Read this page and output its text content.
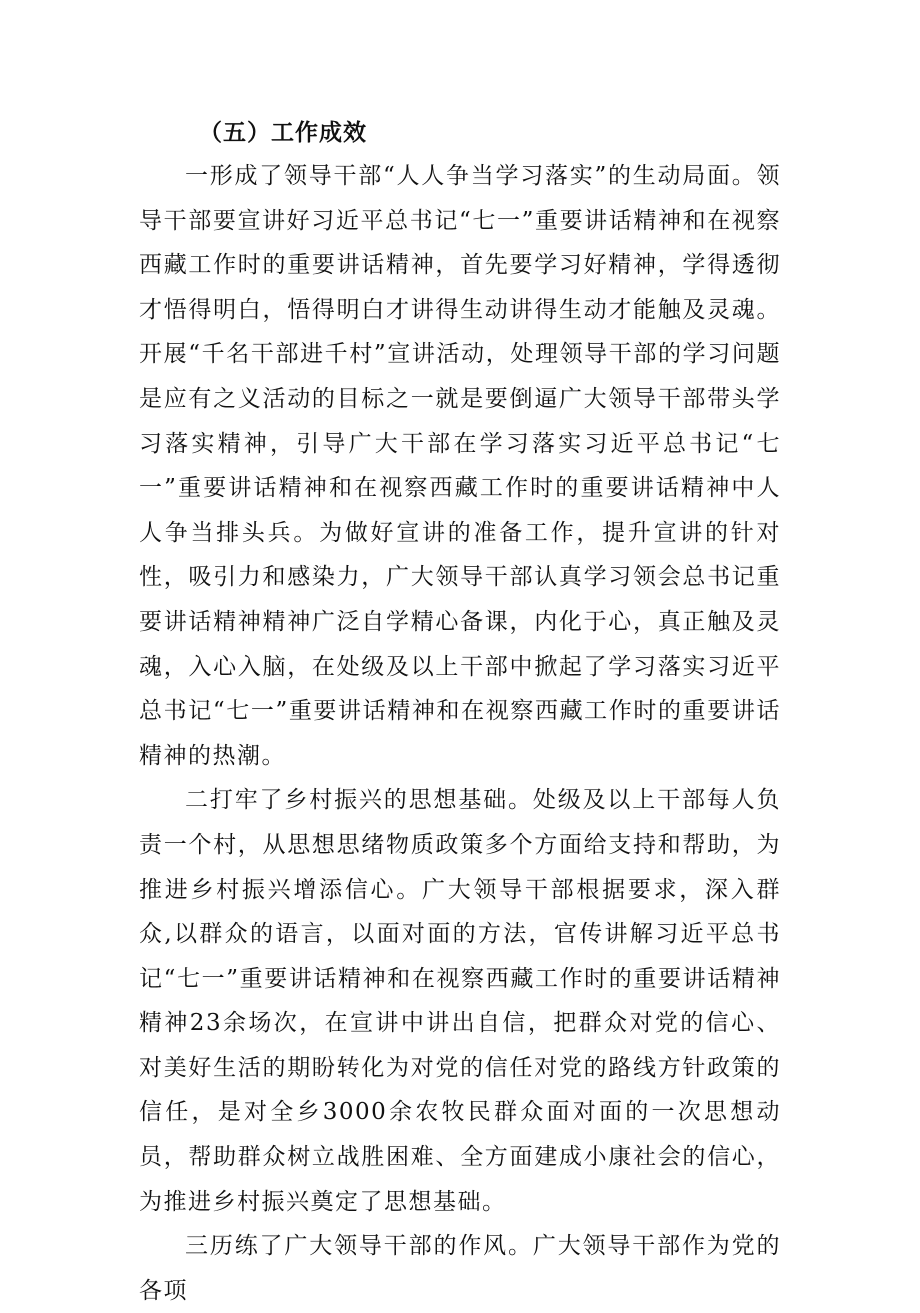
（五）工作成效

一形成了领导干部“人人争当学习落实”的生动局面。领导干部要宣讲好习近平总书记“七一”重要讲话精神和在视察西藏工作时的重要讲话精神，首先要学习好精神，学得透彻才悟得明白，悟得明白才讲得生动讲得生动才能触及灵魂。开展“千名干部进千村”宣讲活动，处理领导干部的学习问题是应有之义活动的目标之一就是要倒逼广大领导干部带头学习落实精神，引导广大干部在学习落实习近平总书记“七一”重要讲话精神和在视察西藏工作时的重要讲话精神中人人争当排头兵。为做好宣讲的准备工作，提升宣讲的针对性，吸引力和感染力，广大领导干部认真学习领会总书记重要讲话精神精神广泛自学精心备课，内化于心，真正触及灵魂，入心入脑，在处级及以上干部中掀起了学习落实习近平总书记“七一”重要讲话精神和在视察西藏工作时的重要讲话精神的热潮。

二打牢了乡村振兴的思想基础。处级及以上干部每人负责一个村，从思想思绪物质政策多个方面给支持和帮助，为推进乡村振兴增添信心。广大领导干部根据要求，深入群众,以群众的语言，以面对面的方法，官传讲解习近平总书记“七一”重要讲话精神和在视察西藏工作时的重要讲话精神精神23余场次，在宣讲中讲出自信，把群众对党的信心、对美好生活的期盼转化为对党的信任对党的路线方针政策的信任，是对全乡3000余农牧民群众面对面的一次思想动员，帮助群众树立战胜困难、全方面建成小康社会的信心，为推进乡村振兴奠定了思想基础。

三历练了广大领导干部的作风。广大领导干部作为党的各项
